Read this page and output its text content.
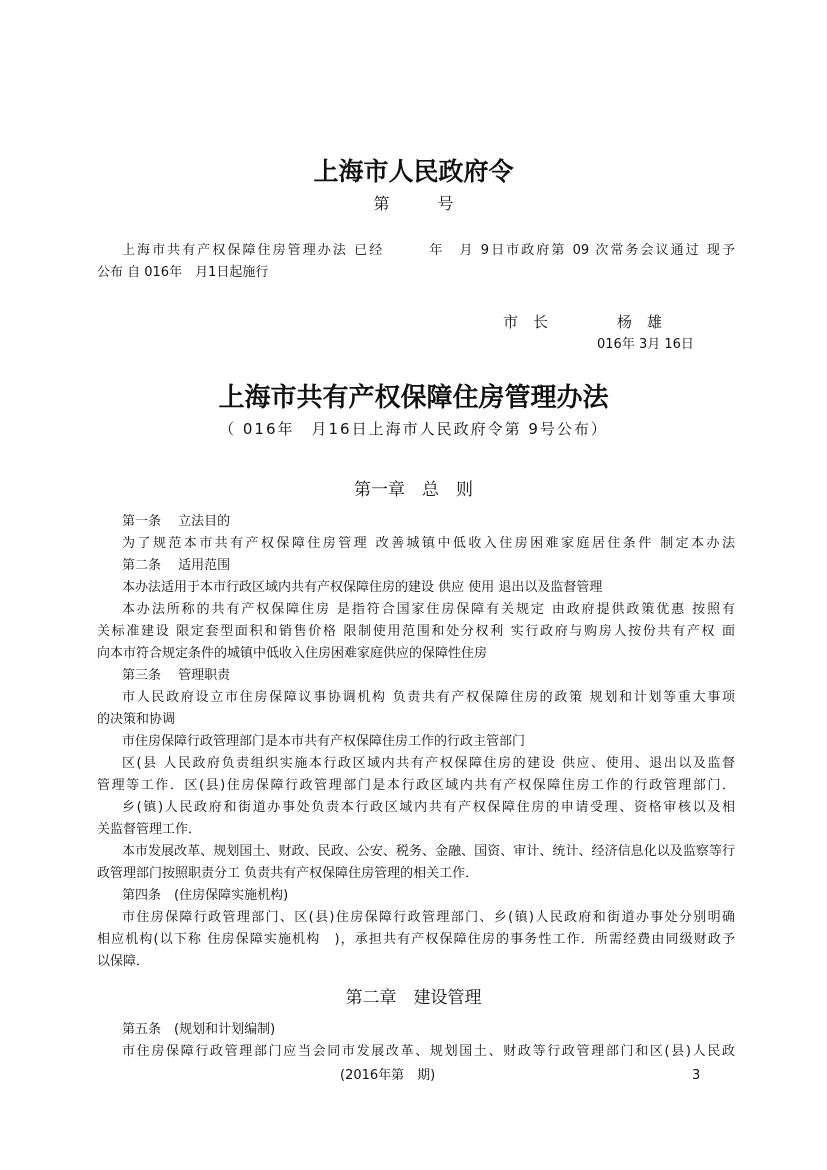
上海市人民政府令
第　　　号
上海市共有产权保障住房管理办法 已经　　　年　月 9日市政府第 09 次常务会议通过 现予
公布 自 016年　月1日起施行
市　长	杨　雄
016年 3月 16日
上海市共有产权保障住房管理办法
（ 016年　月16日上海市人民政府令第 9号公布）
第一章　总　则
第一条　 立法目的
为了规范本市共有产权保障住房管理 改善城镇中低收入住房困难家庭居住条件 制定本办法
第二条　 适用范围
本办法适用于本市行政区域内共有产权保障住房的建设 供应 使用 退出以及监督管理
本办法所称的共有产权保障住房 是指符合国家住房保障有关规定 由政府提供政策优惠 按照有
关标准建设 限定套型面积和销售价格 限制使用范围和处分权利 实行政府与购房人按份共有产权 面
向本市符合规定条件的城镇中低收入住房困难家庭供应的保障性住房
第三条　 管理职责
市人民政府设立市住房保障议事协调机构 负责共有产权保障住房的政策 规划和计划等重大事项
的决策和协调
市住房保障行政管理部门是本市共有产权保障住房工作的行政主管部门
区(县 人民政府负责组织实施本行政区域内共有产权保障住房的建设 供应、使用、退出以及监督
管理等工作．区(县)住房保障行政管理部门是本行政区域内共有产权保障住房工作的行政管理部门．
乡(镇)人民政府和街道办事处负责本行政区域内共有产权保障住房的申请受理、资格审核以及相
关监督管理工作．
本市发展改革、规划国土、财政、民政、公安、税务、金融、国资、审计、统计、经济信息化以及监察等行
政管理部门按照职责分工 负责共有产权保障住房管理的相关工作．
第四条　(住房保障实施机构)
市住房保障行政管理部门、区(县)住房保障行政管理部门、乡(镇)人民政府和街道办事处分别明确
相应机构(以下称 住房保障实施机构　)，承担共有产权保障住房的事务性工作．所需经费由同级财政予
以保障．
第五条　(规划和计划编制)
市住房保障行政管理部门应当会同市发展改革、规划国土、财政等行政管理部门和区(县)人民政
第二章　建设管理
(2016年第　期)	3
